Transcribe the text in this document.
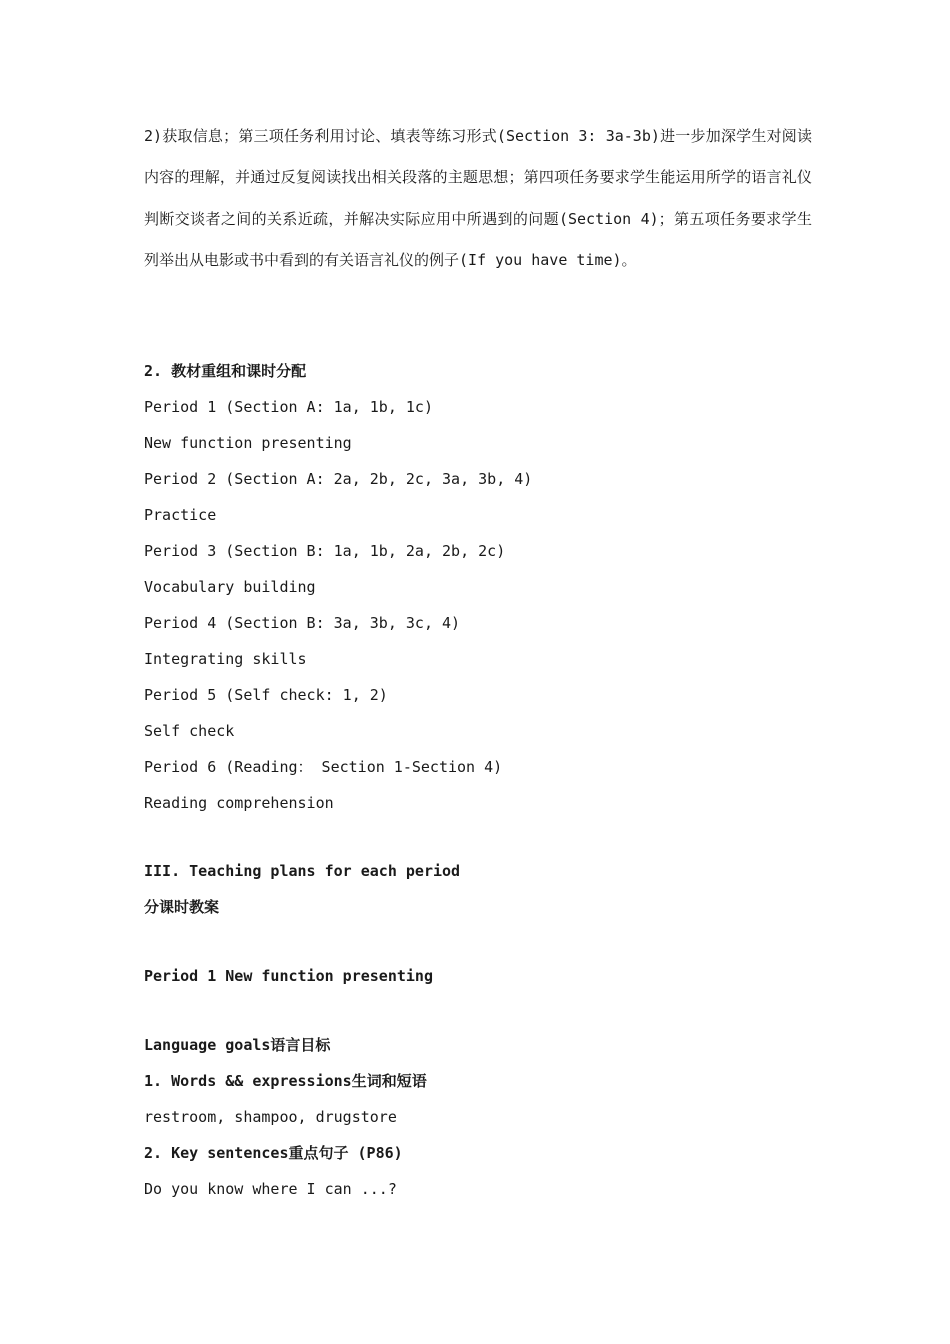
2)获取信息；第三项任务利用讨论、填表等练习形式(Section 3: 3a-3b)进一步加深学生对阅读内容的理解，并通过反复阅读找出相关段落的主题思想；第四项任务要求学生能运用所学的语言礼仪判断交谈者之间的关系近疏，并解决实际应用中所遇到的问题(Section 4)；第五项任务要求学生列举出从电影或书中看到的有关语言礼仪的例子(If you have time)。
2. 教材重组和课时分配
Period 1 (Section A: 1a, 1b, 1c)
New function presenting
Period 2 (Section A: 2a, 2b, 2c, 3a, 3b, 4)
Practice
Period 3 (Section B: 1a, 1b, 2a, 2b, 2c)
Vocabulary building
Period 4 (Section B: 3a, 3b, 3c, 4)
Integrating skills
Period 5 (Self check: 1, 2)
Self check
Period 6 (Reading： Section 1-Section 4)
Reading comprehension
III. Teaching plans for each period
分课时教案
Period 1 New function presenting
Language goals语言目标
1. Words && expressions生词和短语
restroom, shampoo, drugstore
2. Key sentences重点句子 (P86)
Do you know where I can ...?
